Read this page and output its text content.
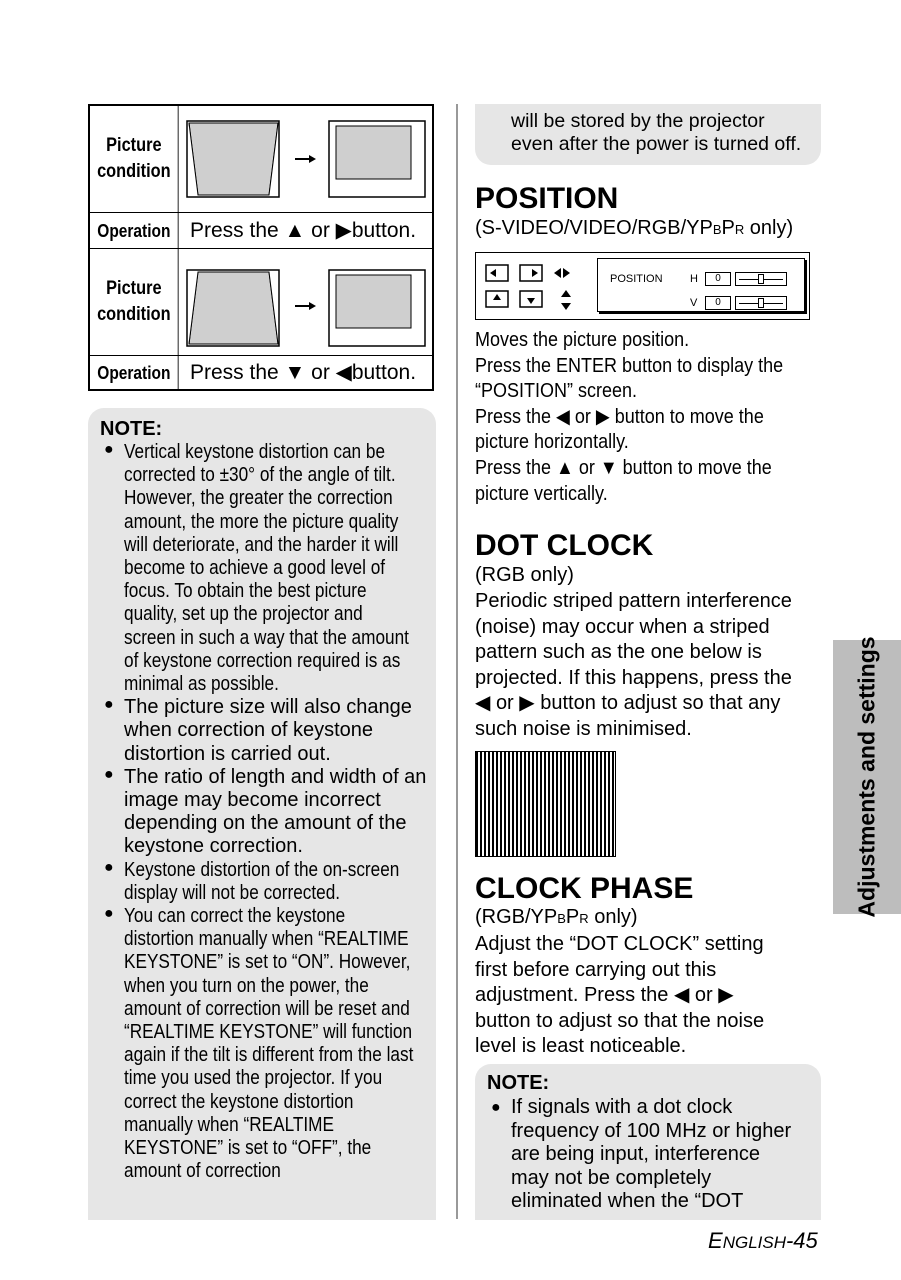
Picture
condition
Operation Press the ▲ or ▶button.
Picture
condition
Operation Press the ▼ or ◀button.
NOTE:
● Vertical keystone distortion can be corrected to ±30° of the angle of tilt. However, the greater the correction amount, the more the picture quality will deteriorate, and the harder it will become to achieve a good level of focus. To obtain the best picture quality, set up the projector and screen in such a way that the amount of keystone correction required is as minimal as possible.
● The picture size will also change when correction of keystone distortion is carried out.
● The ratio of length and width of an image may become incorrect depending on the amount of the keystone correction.
● Keystone distortion of the on-screen display will not be corrected.
● You can correct the keystone distortion manually when “REALTIME KEYSTONE” is set to “ON”. However, when you turn on the power, the amount of correction will be reset and “REALTIME KEYSTONE” will function again if the tilt is different from the last time you used the projector. If you correct the keystone distortion manually when “REALTIME KEYSTONE” is set to “OFF”, the amount of correction
will be stored by the projector
even after the power is turned off.
POSITION
(S-VIDEO/VIDEO/RGB/YPBPR only)
POSITION H
V
0
0
Moves the picture position.
Press the ENTER button to display the
“POSITION” screen.
Press the ◀ or ▶ button to move the
picture horizontally.
Press the ▲ or ▼ button to move the
picture vertically.
DOT CLOCK
(RGB only)
Periodic striped pattern interference
(noise) may occur when a striped
pattern such as the one below is
projected. If this happens, press the
◀ or ▶ button to adjust so that any
such noise is minimised.
CLOCK PHASE
(RGB/YPBPR only)
Adjust the “DOT CLOCK” setting
first before carrying out this
adjustment. Press the ◀ or ▶
button to adjust so that the noise
level is least noticeable.
NOTE:
● If signals with a dot clock
frequency of 100 MHz or higher
are being input, interference
may not be completely
eliminated when the “DOT
Adjustments and settings
ENGLISH-45
